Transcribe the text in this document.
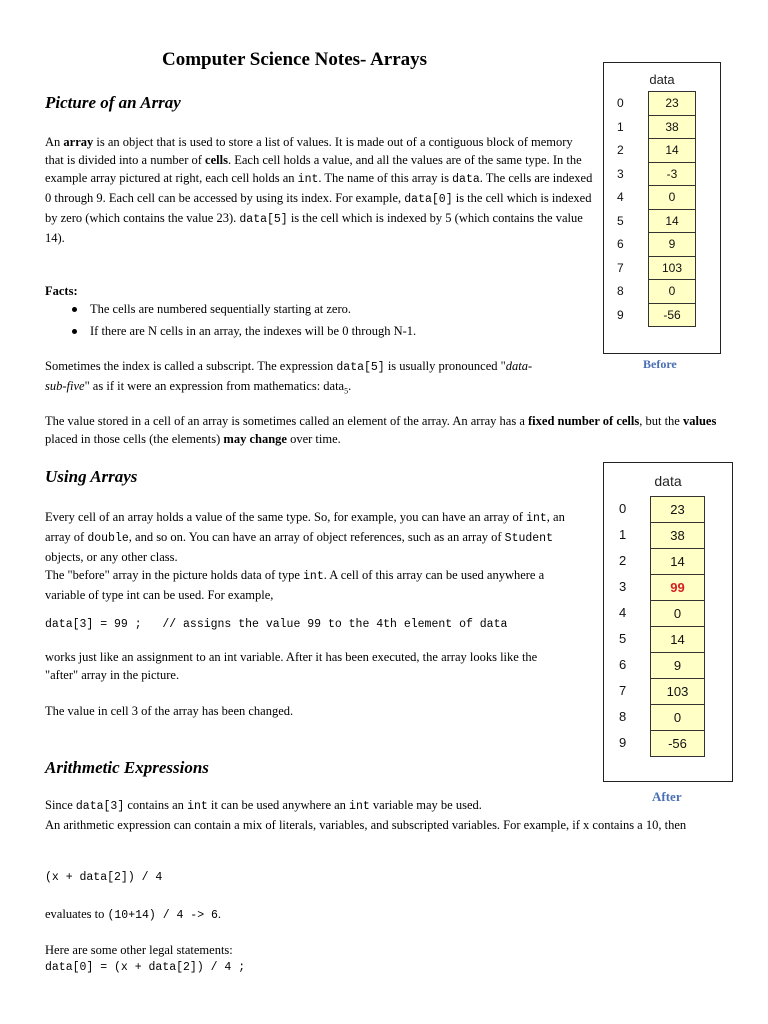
Computer Science Notes- Arrays
Picture of an Array

An array is an object that is used to store a list of values. It is made out of a contiguous block of memory that is divided into a number of cells. Each cell holds a value, and all the values are of the same type. In the example array pictured at right, each cell holds an int. The name of this array is data. The cells are indexed 0 through 9. Each cell can be accessed by using its index. For example, data[0] is the cell which is indexed by zero (which contains the value 23). data[5] is the cell which is indexed by 5 (which contains the value 14).

Facts:

The cells are numbered sequentially starting at zero.
If there are N cells in an array, the indexes will be 0 through N-1.

Sometimes the index is called a subscript. The expression data[5] is usually pronounced "data-sub-five" as if it were an expression from mathematics: data$_5$.

The value stored in a cell of an array is sometimes called an element of the array. An array has a fixed number of cells, but the values placed in those cells (the elements) may change over time.

Using Arrays

Every cell of an array holds a value of the same type. So, for example, you can have an array of int, an array of double, and so on. You can have an array of object references, such as an array of Student objects, or any other class.
The "before" array in the picture holds data of type int. A cell of this array can be used anywhere a variable of type int can be used. For example,

data[3] = 99 ;   // assigns the value 99 to the 4th element of data

works just like an assignment to an int variable. After it has been executed, the array looks like the "after" array in the picture.

The value in cell 3 of the array has been changed.

Arithmetic Expressions

Since data[3] contains an int it can be used anywhere an int variable may be used.
An arithmetic expression can contain a mix of literals, variables, and subscripted variables. For example, if x contains a 10, then

(x + data[2]) / 4

evaluates to (10+14) / 4 -> 6.

Here are some other legal statements:

data[0] = (x + data[2]) / 4 ;

data
0	23
1	38
2	14
3	-3
4	0
5	14
6	9
7	103
8	0
9	-56
Before
data
0	23
1	38
2	14
3	99
4	0
5	14
6	9
7	103
8	0
9	-56
After
